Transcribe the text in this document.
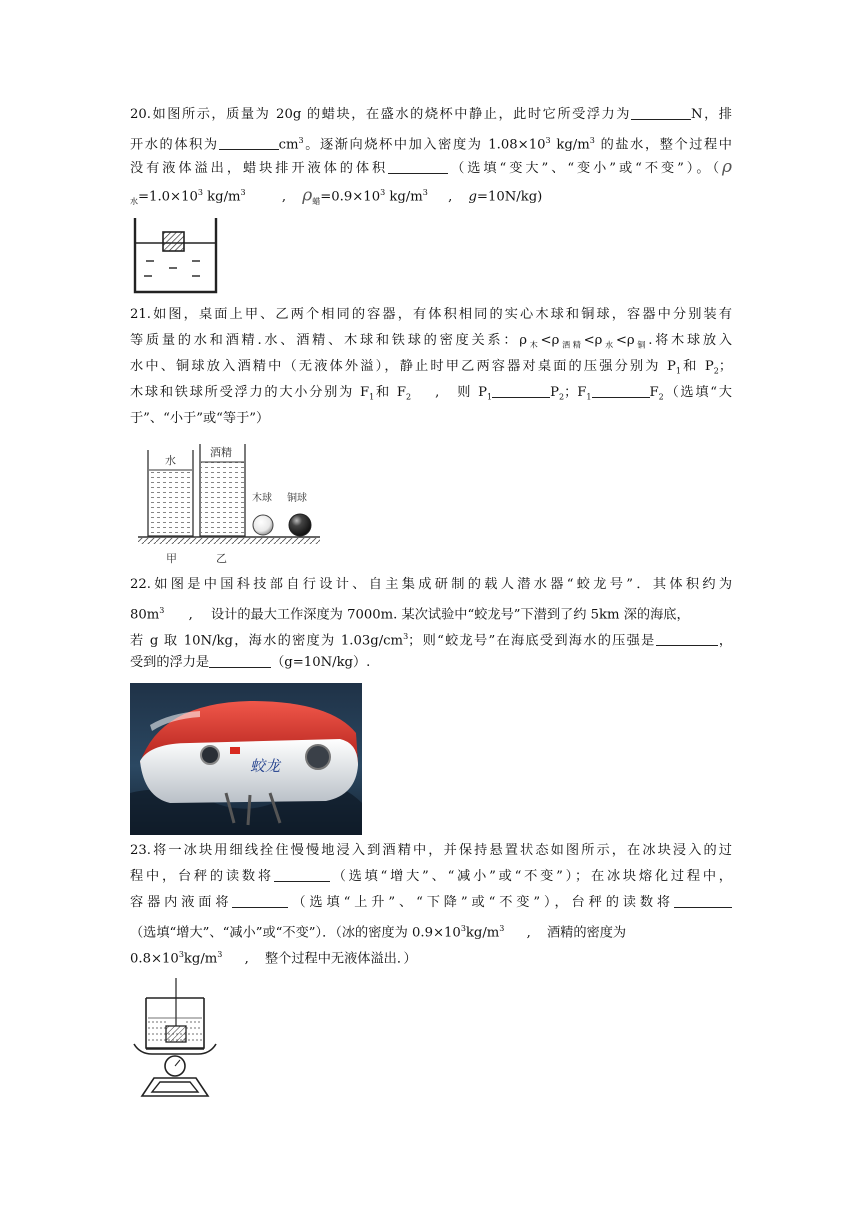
20.如图所示，质量为 20g 的蜡块，在盛水的烧杯中静止，此时它所受浮力为	N，排
开水的体积为	$cm^3$。逐渐向烧杯中加入密度为 $1.08\times 10^3$ $kg/m^3$ 的盐水，整个过程中
没有液体溢出，蜡块排开液体的体积	（选填“变大”、“变小”或“不变”）。（ρ
$_水=1.0\times 10^3$ $kg/m^3$	, $\rho_蜡=0.9\times 10^3$ $kg/m^3$ , g=10N/kg)
21.如图，桌面上甲、乙两个相同的容器，有体积相同的实心木球和铜球，容器中分别装有
等质量的水和酒精.水、酒精、木球和铁球的密度关系：$\rho_木<\rho_{酒精}<\rho_水<\rho_铜$.将木球放入
水中、铜球放入酒精中（无液体外溢），静止时甲乙两容器对桌面的压强分别为 $P_1$和 $P_2$；
木球和铁球所受浮力的大小分别为 $F_1$和 $F_2$ , 则 $P_1$	$P_2$；$F_1$	$F_2$（选填“大
于”、“小于”或“等于”）
水
酒精
木球 铜球
甲	乙
22.如图是中国科技部自行设计、自主集成研制的载人潜水器“蛟龙号”．其体积约为
$80m^3$ , 设计的最大工作深度为 7000m. 某次试验中“蛟龙号”下潜到了约 5km 深的海底，
若 g 取 10N/kg，海水的密度为 $1.03g/cm^3$；则“蛟龙号”在海底受到海水的压强是	，
受到的浮力是	（g=10N/kg）.
蛟龙
23.将一冰块用细线拴住慢慢地浸入到酒精中，并保持悬置状态如图所示，在冰块浸入的过
程中，台秤的读数将	（选填“增大”、“减小”或“不变”）；在冰块熔化过程中，
容器内液面将	（选填“上升”、“下降”或“不变”），台秤的读数将
（选填“增大”、“减小”或“不变”）．（冰的密度为 $0.9\times 10^3kg/m^3$ , 酒精的密度为
$0.8\times 10^3kg/m^3$ , 整个过程中无液体溢出．）
